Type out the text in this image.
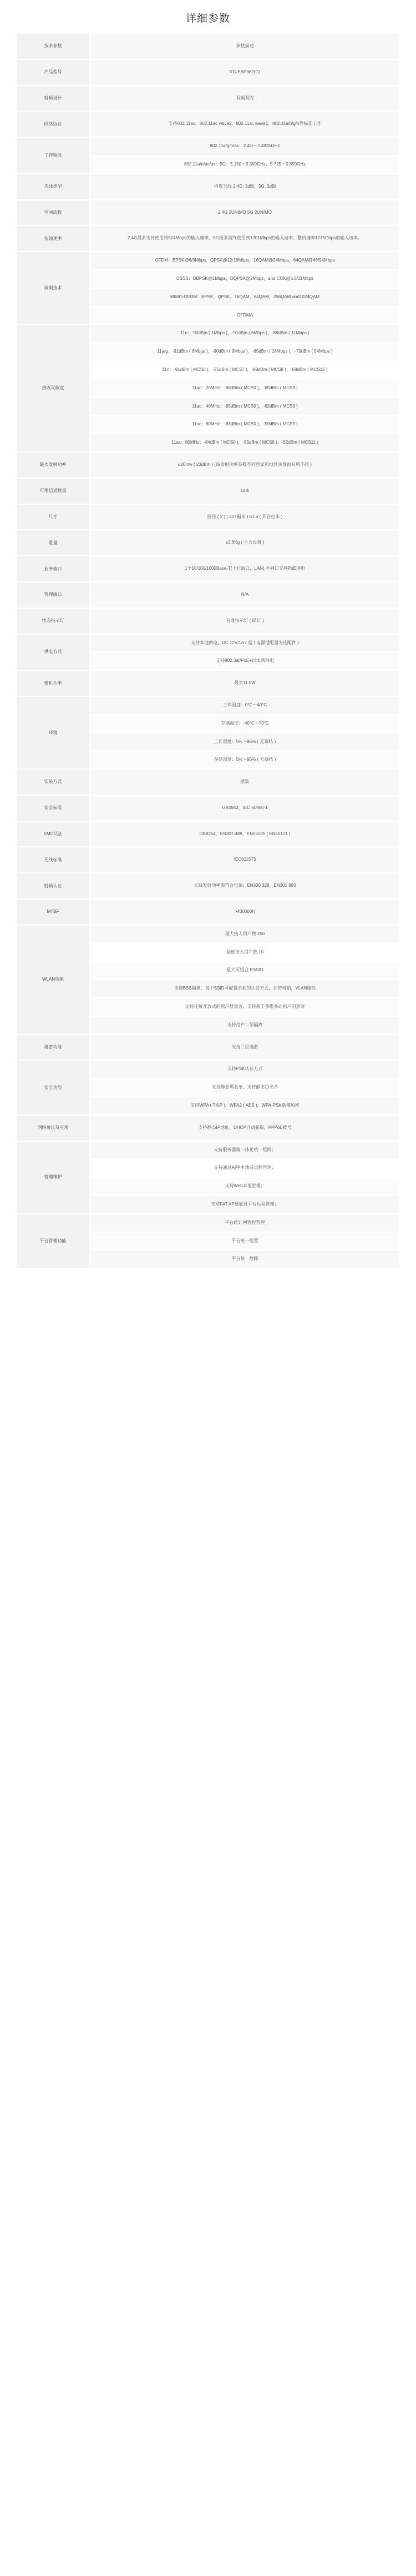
详细参数
技术参数	参数描述

产品型号	RG-EAP362(G)

射频设计	双频双流

网络协议	支持802.11ax，802.11ac wave2，802.11ac wave1，802.11a/b/g/n等标准工作

工作频段	802.11a/g/n/ax：2.4G～2.4835GHz
802.11a/n/ac/ax：5G：5.150～5.350GHz，5.725～5.850GHz

天线类型	内置天线 2.4G: 3dBi，5G: 3dBi

空间流数	2.4G 2UNIMO 5G 2UNIMO

传输速率	2.4G最多支持使用到574Mbps的输入速率，5G最多最终使用到1201Mbps的输入速率，整机速率1775Gbps的输入速率。

调制技术	OFDM：BPSK@6/9Mbps，QPSK@12/18Mbps，16QAM@24Mbps，64QAM@48/54Mbps
DSSS：DBPSK@1Mbps，DQPSK@2Mbps，and CCK@5.5/11Mbps
MIMO-OFDM：BPSK，QPSK，16QAM，64QAM，256QAM and1024QAM
OFDMA

接收灵敏度	
11n：-90dBm ( 1Mbps )，-91dBm ( 6Mbps )，-88dBm ( 11Mbps )
11a/g：-91dBm ( 6Mbps )，-90dBm ( 9Mbps )，-89dBm ( 18Mbps )，-79dBm ( 54Mbps )
11n：-91dBm ( MCS0 )，-75dBm ( MCS7 )，-89dBm ( MCS8 )，-68dBm ( MCS15 )
11ac：20MHz：-88dBm ( MCS0 )，-65dBm ( MCS9 )
11ac：40MHz：-85dBm ( MCS0 )，-62dBm ( MCS9 )
11ac：80MHz：-83dBm ( MCS0 )，-59dBm ( MCS9 )
11ax：80MHz：-84dBm ( MCS0 )，-55dBm ( MCS8 )，-52dBm ( MCS11 )

最大发射功率	≤20mw ( 23dBm ) (该发射功率参数不同国家和地区法规而有所不同 )

可用信道数量	1dBi

尺寸	圆径 ( 2 ) ( 237幅米 ) 51.6 ( 开合位米 )

重量	≤2.6Kg ( 不含设备 )

业务端口	1个10/100/1000Base-T(上行端口，LAN) 不同口支持PoE供电

管理端口	N/A

状态指示灯	有兼指示灯 ( 绿灯 )

供电方式	支持本地供电，DC 12V/1A ( 需 ) 电源适配器为选配件 )
支持802.3at/PoE+以太网供电

整机功率	最大11.5W

环境	工作温度：0°C～40°C
存储温度：-40°C～70°C
工作湿度：5%～95% ( 无凝结 )
存储湿度：5%～95% ( 无凝结 )

安装方式	壁装

安全标准	GB4943，IEC 60950-1

EMC认证	GB9254，EN301 489，EN55035 ( EN50121 )

无线标准	IEC611573

射频认证	无线发射功率需符合电源，EN330 328，EN301 893

MTBF	>400000H

WLAN功能	
最大接入用户数 256
最低接入用户数 10
最大可组合 ESSID
支持BSS隔离，每个SSID可配置单独的认证方式，加密机制，VLAN属性
支持连接开放式的用户群黑客，支持基于多维多动用户的黑客
支持用户二层隔离

漫游功能	支持二层漫游

安全功能	支持PSK认证方式
支持静态黑名单、支持静态白名单
支持WPA ( TKIP )，WPA2 ( AES )，WPA-PSK新模加密

网络协议及应用	支持静态IP地址，DHCP自动获取，PPPoE拨号

管理维护	支持服务器端一体化统一组网；
支持通过APP本地或远程管理；
支持Web本地管理；
支持FAT AP透底过平台远程管理；

平台管理功能	平台统计网管控管理
平台统一配置
平台统一故障
